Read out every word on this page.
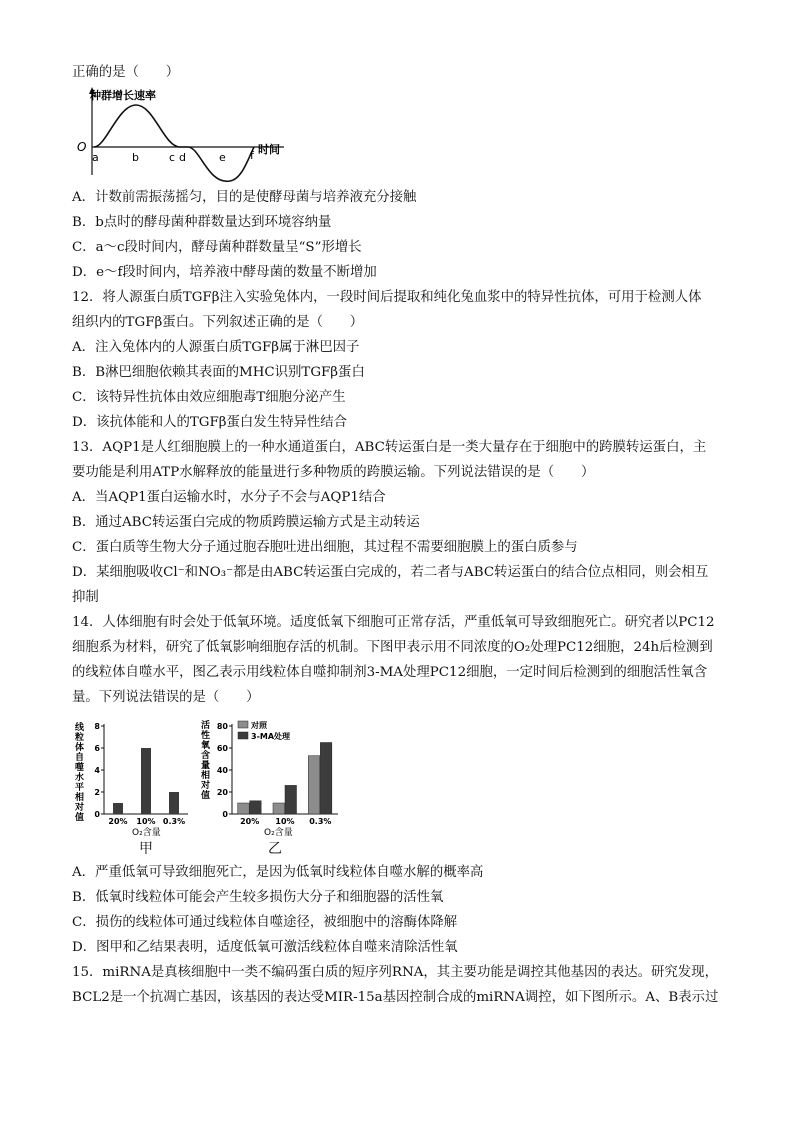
正确的是（　　）
种群增长速率
时间
O
a	b	c d	e f
A．计数前需振荡摇匀，目的是使酵母菌与培养液充分接触
B．b点时的酵母菌种群数量达到环境容纳量
C．a～c段时间内，酵母菌种群数量呈“S”形增长
D．e～f段时间内，培养液中酵母菌的数量不断增加
12．将人源蛋白质TGFβ注入实验兔体内，一段时间后提取和纯化兔血浆中的特异性抗体，可用于检测人体
组织内的TGFβ蛋白。下列叙述正确的是（　　）
A．注入兔体内的人源蛋白质TGFβ属于淋巴因子
B．B淋巴细胞依赖其表面的MHC识别TGFβ蛋白
C．该特异性抗体由效应细胞毒T细胞分泌产生
D．该抗体能和人的TGFβ蛋白发生特异性结合
13．AQP1是人红细胞膜上的一种水通道蛋白，ABC转运蛋白是一类大量存在于细胞中的跨膜转运蛋白，主
要功能是利用ATP水解释放的能量进行多种物质的跨膜运输。下列说法错误的是（　　）
A．当AQP1蛋白运输水时，水分子不会与AQP1结合
B．通过ABC转运蛋白完成的物质跨膜运输方式是主动转运
C．蛋白质等生物大分子通过胞吞胞吐进出细胞，其过程不需要细胞膜上的蛋白质参与
D．某细胞吸收Cl⁻和NO₃⁻都是由ABC转运蛋白完成的，若二者与ABC转运蛋白的结合位点相同，则会相互
抑制
14．人体细胞有时会处于低氧环境。适度低氧下细胞可正常存活，严重低氧可导致细胞死亡。研究者以PC12
细胞系为材料，研究了低氧影响细胞存活的机制。下图甲表示用不同浓度的O₂处理PC12细胞，24h后检测到
的线粒体自噬水平，图乙表示用线粒体自噬抑制剂3-MA处理PC12细胞，一定时间后检测到的细胞活性氧含
量。下列说法错误的是（　　）
线粒体自噬水平相对值
O₂含量
0
2
4
6
8
20% 10% 0.3%
活性氧含量相对值
O₂含量
0
20
40
60
80
20% 10% 0.3%
对照
3-MA处理
甲	乙
A．严重低氧可导致细胞死亡，是因为低氧时线粒体自噬水解的概率高
B．低氧时线粒体可能会产生较多损伤大分子和细胞器的活性氧
C．损伤的线粒体可通过线粒体自噬途径，被细胞中的溶酶体降解
D．图甲和乙结果表明，适度低氧可激活线粒体自噬来清除活性氧
15．miRNA是真核细胞中一类不编码蛋白质的短序列RNA，其主要功能是调控其他基因的表达。研究发现，
BCL2是一个抗凋亡基因，该基因的表达受MIR-15a基因控制合成的miRNA调控，如下图所示。A、B表示过
